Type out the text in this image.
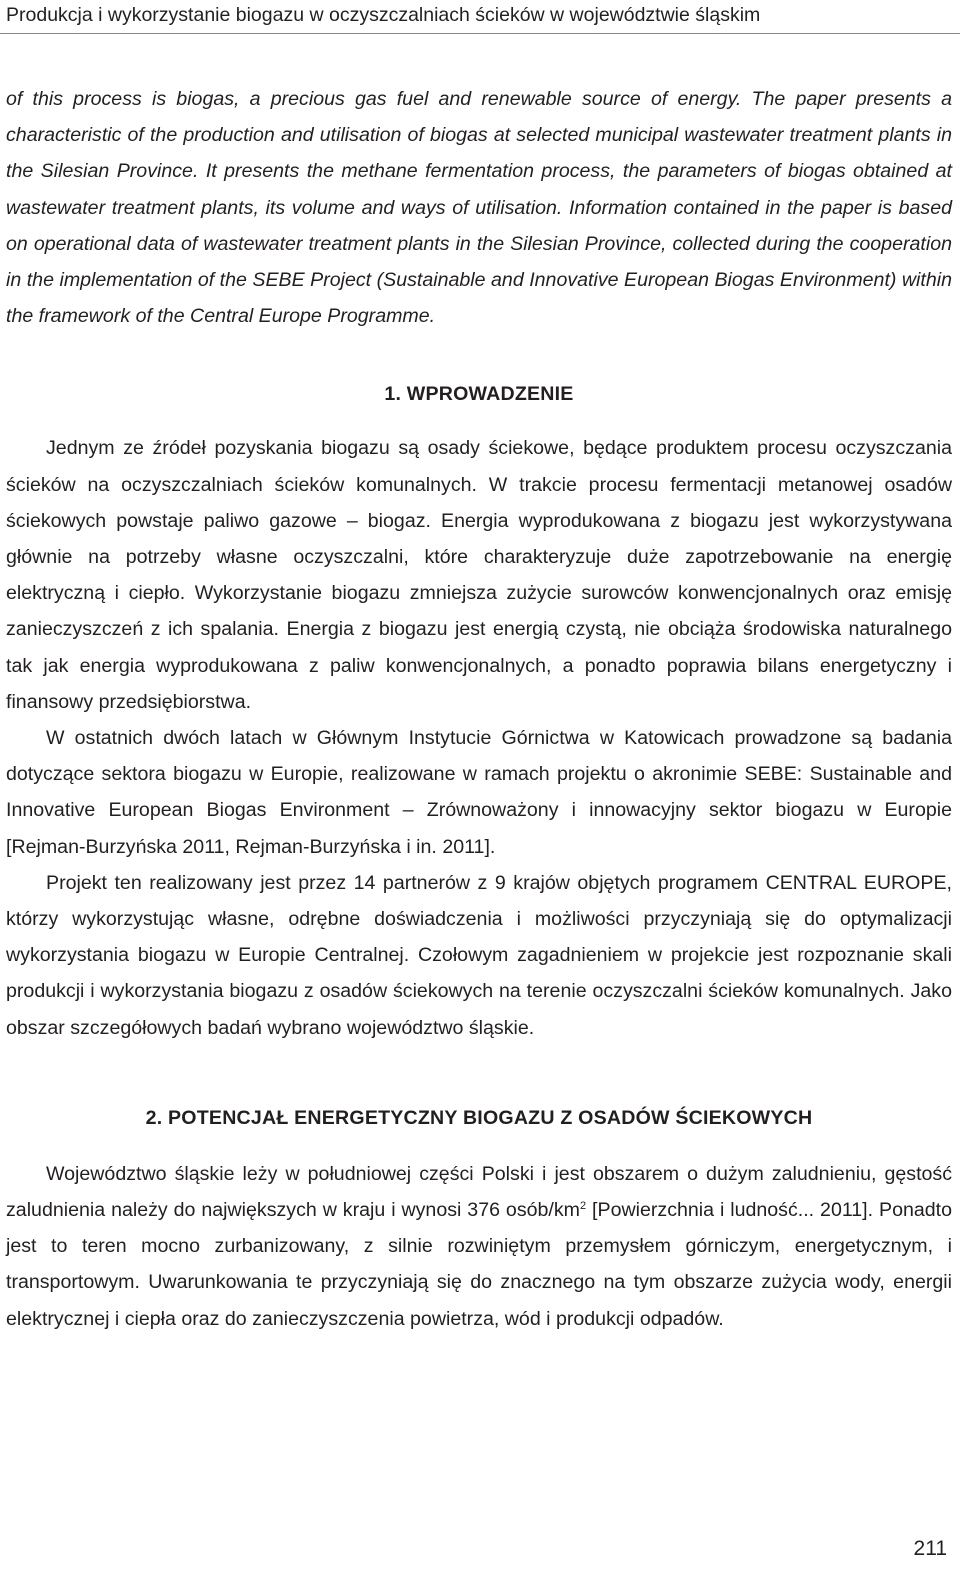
Produkcja i wykorzystanie biogazu w oczyszczalniach ścieków w województwie śląskim

of this process is biogas, a precious gas fuel and renewable source of energy. The paper presents a characteristic of the production and utilisation of biogas at selected municipal wastewater treatment plants in the Silesian Province. It presents the methane fermentation process, the parameters of biogas obtained at wastewater treatment plants, its volume and ways of utilisation. Information contained in the paper is based on operational data of wastewater treatment plants in the Silesian Province, collected during the cooperation in the implementation of the SEBE Project (Sustainable and Innovative European Biogas Environment) within the framework of the Central Europe Programme.

1. WPROWADZENIE

Jednym ze źródeł pozyskania biogazu są osady ściekowe, będące produktem procesu oczyszczania ścieków na oczyszczalniach ścieków komunalnych. W trakcie procesu fermentacji metanowej osadów ściekowych powstaje paliwo gazowe – biogaz. Energia wyprodukowana z biogazu jest wykorzystywana głównie na potrzeby własne oczyszczalni, które charakteryzuje duże zapotrzebowanie na energię elektryczną i ciepło. Wykorzystanie biogazu zmniejsza zużycie surowców konwencjonalnych oraz emisję zanieczyszczeń z ich spalania. Energia z biogazu jest energią czystą, nie obciąża środowiska naturalnego tak jak energia wyprodukowana z paliw konwencjonalnych, a ponadto poprawia bilans energetyczny i finansowy przedsiębiorstwa.

W ostatnich dwóch latach w Głównym Instytucie Górnictwa w Katowicach prowadzone są badania dotyczące sektora biogazu w Europie, realizowane w ramach projektu o akronimie SEBE: Sustainable and Innovative European Biogas Environment – Zrównoważony i innowacyjny sektor biogazu w Europie [Rejman-Burzyńska 2011, Rejman-Burzyńska i in. 2011].

Projekt ten realizowany jest przez 14 partnerów z 9 krajów objętych programem CENTRAL EUROPE, którzy wykorzystując własne, odrębne doświadczenia i możliwości przyczyniają się do optymalizacji wykorzystania biogazu w Europie Centralnej. Czołowym zagadnieniem w projekcie jest rozpoznanie skali produkcji i wykorzystania biogazu z osadów ściekowych na terenie oczyszczalni ścieków komunalnych. Jako obszar szczegółowych badań wybrano województwo śląskie.

2. POTENCJAŁ ENERGETYCZNY BIOGAZU Z OSADÓW ŚCIEKOWYCH

Województwo śląskie leży w południowej części Polski i jest obszarem o dużym zaludnieniu, gęstość zaludnienia należy do największych w kraju i wynosi 376 osób/$km^2$ [Powierzchnia i ludność... 2011]. Ponadto jest to teren mocno zurbanizowany, z silnie rozwiniętym przemysłem górniczym, energetycznym, i transportowym. Uwarunkowania te przyczyniają się do znacznego na tym obszarze zużycia wody, energii elektrycznej i ciepła oraz do zanieczyszczenia powietrza, wód i produkcji odpadów.

211
